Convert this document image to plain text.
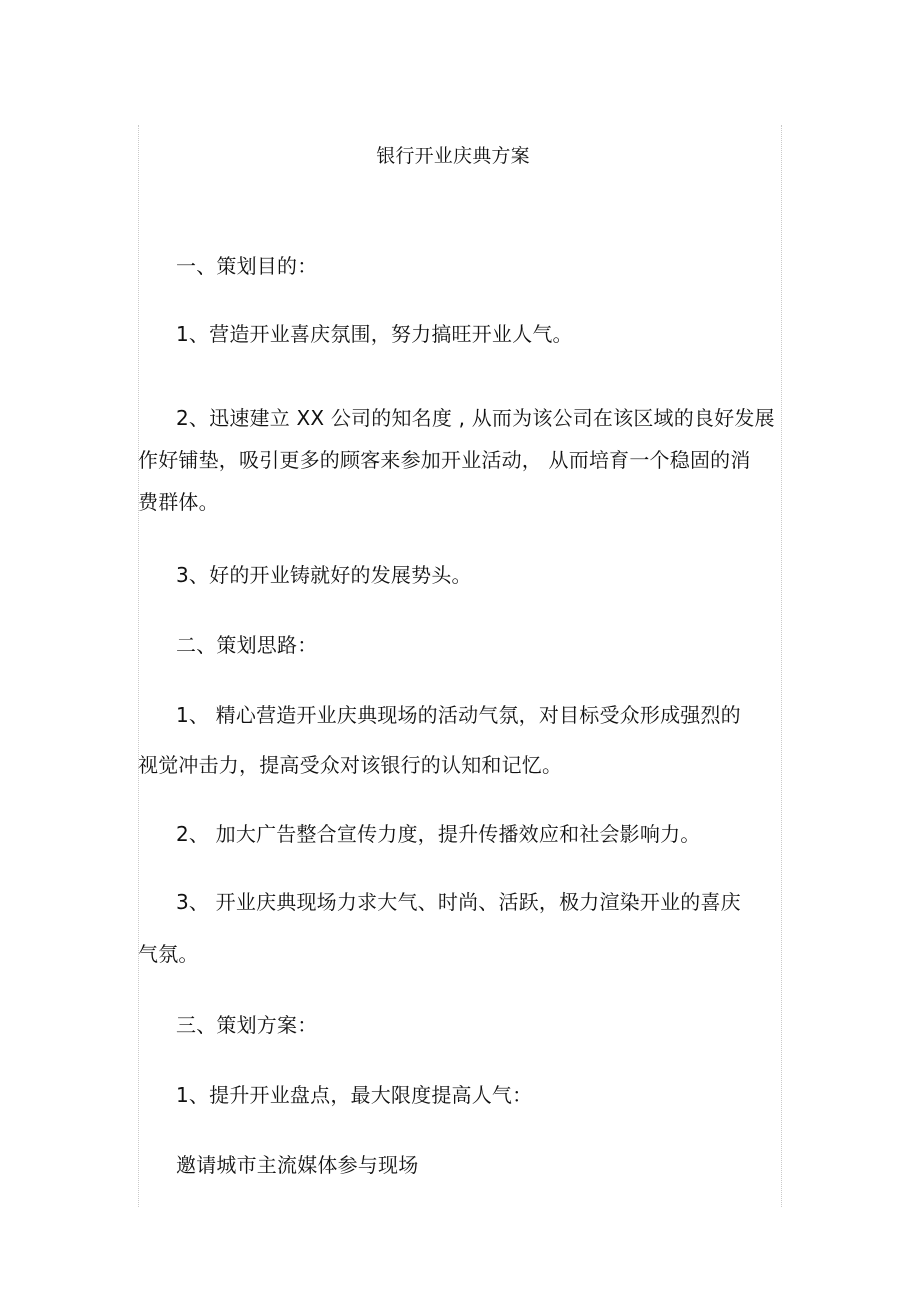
银行开业庆典方案
一、策划目的：
1、营造开业喜庆氛围，努力搞旺开业人气。
2、迅速建立 XX 公司的知名度 , 从而为该公司在该区域的良好发展
作好铺垫，吸引更多的顾客来参加开业活动， 从而培育一个稳固的消
费群体。
3、好的开业铸就好的发展势头。
二、策划思路：
1、 精心营造开业庆典现场的活动气氛，对目标受众形成强烈的
视觉冲击力，提高受众对该银行的认知和记忆。
2、 加大广告整合宣传力度，提升传播效应和社会影响力。
3、 开业庆典现场力求大气、时尚、活跃，极力渲染开业的喜庆
气氛。
三、策划方案：
1、提升开业盘点，最大限度提高人气：
邀请城市主流媒体参与现场
